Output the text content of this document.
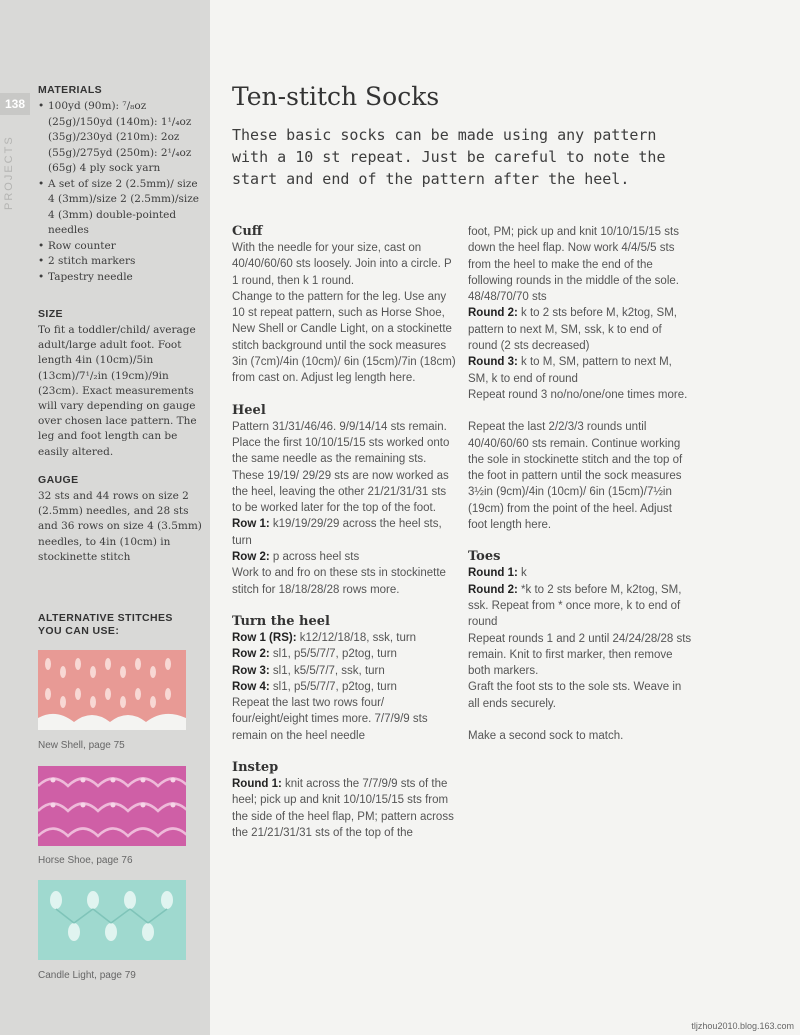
138
PROJECTS
MATERIALS
• 100yd (90m): ⁷/₈oz (25g)/150yd (140m): 1¹/₄oz (35g)/230yd (210m): 2oz (55g)/275yd (250m): 2¹/₄oz (65g) 4 ply sock yarn
• A set of size 2 (2.5mm)/ size 4 (3mm)/size 2 (2.5mm)/size 4 (3mm) double-pointed needles
• Row counter
• 2 stitch markers
• Tapestry needle
SIZE
To fit a toddler/child/ average adult/large adult foot. Foot length 4in (10cm)/5in (13cm)/7¹/₂in (19cm)/9in (23cm). Exact measurements will vary depending on gauge over chosen lace pattern. The leg and foot length can be easily altered.
GAUGE
32 sts and 44 rows on size 2 (2.5mm) needles, and 28 sts and 36 rows on size 4 (3.5mm) needles, to 4in (10cm) in stockinette stitch
ALTERNATIVE STITCHES YOU CAN USE:
New Shell, page 75
Horse Shoe, page 76
Candle Light, page 79
Ten-stitch Socks
These basic socks can be made using any pattern with a 10 st repeat. Just be careful to note the start and end of the pattern after the heel.
Cuff
With the needle for your size, cast on 40/40/60/60 sts loosely. Join into a circle. P 1 round, then k 1 round.
Change to the pattern for the leg. Use any 10 st repeat pattern, such as Horse Shoe, New Shell or Candle Light, on a stockinette stitch background until the sock measures 3in (7cm)/4in (10cm)/ 6in (15cm)/7in (18cm) from cast on. Adjust leg length here.
Heel
Pattern 31/31/46/46. 9/9/14/14 sts remain. Place the first 10/10/15/15 sts worked onto the same needle as the remaining sts. These 19/19/ 29/29 sts are now worked as the heel, leaving the other 21/21/31/31 sts to be worked later for the top of the foot.
Row 1: k19/19/29/29 across the heel sts, turn
Row 2: p across heel sts
Work to and fro on these sts in stockinette stitch for 18/18/28/28 rows more.
Turn the heel
Row 1 (RS): k12/12/18/18, ssk, turn
Row 2: sl1, p5/5/7/7, p2tog, turn
Row 3: sl1, k5/5/7/7, ssk, turn
Row 4: sl1, p5/5/7/7, p2tog, turn
Repeat the last two rows four/ four/eight/eight times more. 7/7/9/9 sts remain on the heel needle
Instep
Round 1: knit across the 7/7/9/9 sts of the heel; pick up and knit 10/10/15/15 sts from the side of the heel flap, PM; pattern across the 21/21/31/31 sts of the top of the
foot, PM; pick up and knit 10/10/15/15 sts down the heel flap. Now work 4/4/5/5 sts from the heel to make the end of the following rounds in the middle of the sole. 48/48/70/70 sts
Round 2: k to 2 sts before M, k2tog, SM, pattern to next M, SM, ssk, k to end of round (2 sts decreased)
Round 3: k to M, SM, pattern to next M, SM, k to end of round
Repeat round 3 no/no/one/one times more.
Repeat the last 2/2/3/3 rounds until 40/40/60/60 sts remain. Continue working the sole in stockinette stitch and the top of the foot in pattern until the sock measures 3½in (9cm)/4in (10cm)/ 6in (15cm)/7½in (19cm) from the point of the heel. Adjust foot length here.
Toes
Round 1: k
Round 2: *k to 2 sts before M, k2tog, SM, ssk. Repeat from * once more, k to end of round
Repeat rounds 1 and 2 until 24/24/28/28 sts remain. Knit to first marker, then remove both markers.
Graft the foot sts to the sole sts. Weave in all ends securely.
Make a second sock to match.
tljzhou2010.blog.163.com
